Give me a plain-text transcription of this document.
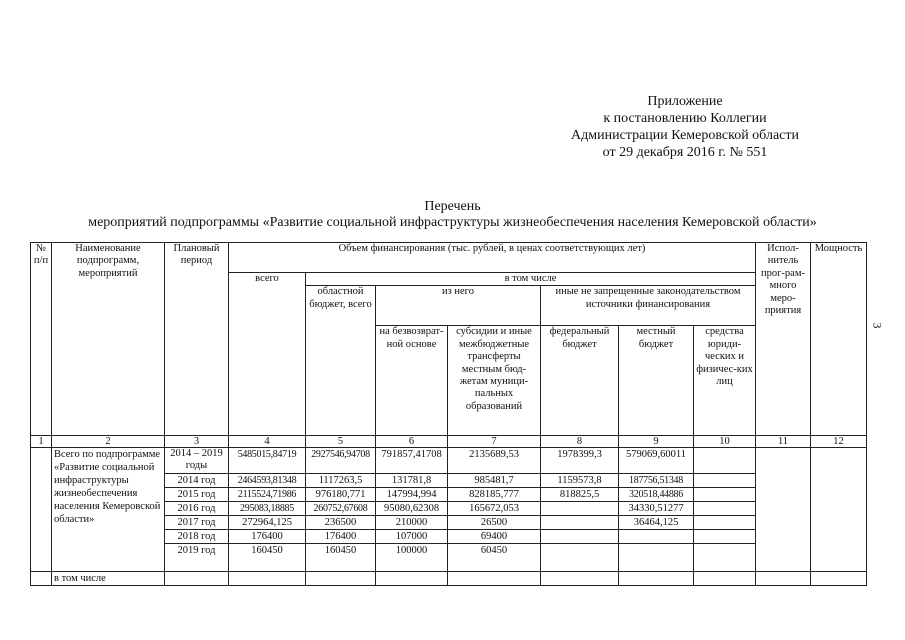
Приложение
к постановлению Коллегии
Администрации Кемеровской области
от 29 декабря 2016 г. № 551
Перечень
мероприятий подпрограммы «Развитие социальной инфраструктуры жизнеобеспечения населения Кемеровской области»
3
№ п/п	Наименование подпрограмм, мероприятий	Плановый период	Объем финансирования (тыс. рублей, в ценах соответствующих лет)							Испол-нитель прог-рам-много меро-приятия	Мощность
			всего	в том числе							
				областной бюджет, всего	из него		иные не запрещенные законодательством источники финансирования				
					на безвозврат-ной основе	субсидии и иные межбюджетные трансферты местным бюд-жетам муници-пальных образований	федеральный бюджет	местный бюджет	средства юриди-ческих и физичес-ких лиц		
1	2	3	4	5	6	7	8	9	10	11	12
	Всего по подпрограмме «Развитие социальной инфраструктуры жизнеобеспечения населения Кемеровской области»	2014 – 2019 годы	5485015,84719	2927546,94708	791857,41708	2135689,53	1978399,3	579069,60011			
		2014 год	2464593,81348	1117263,5	131781,8	985481,7	1159573,8	187756,51348			
		2015 год	2115524,71986	976180,771	147994,994	828185,777	818825,5	320518,44886			
		2016 год	295083,18885	260752,67608	95080,62308	165672,053		34330,51277			
		2017 год	272964,125	236500	210000	26500		36464,125			
		2018 год	176400	176400	107000	69400					
		2019 год	160450	160450	100000	60450					
	в том числе										
